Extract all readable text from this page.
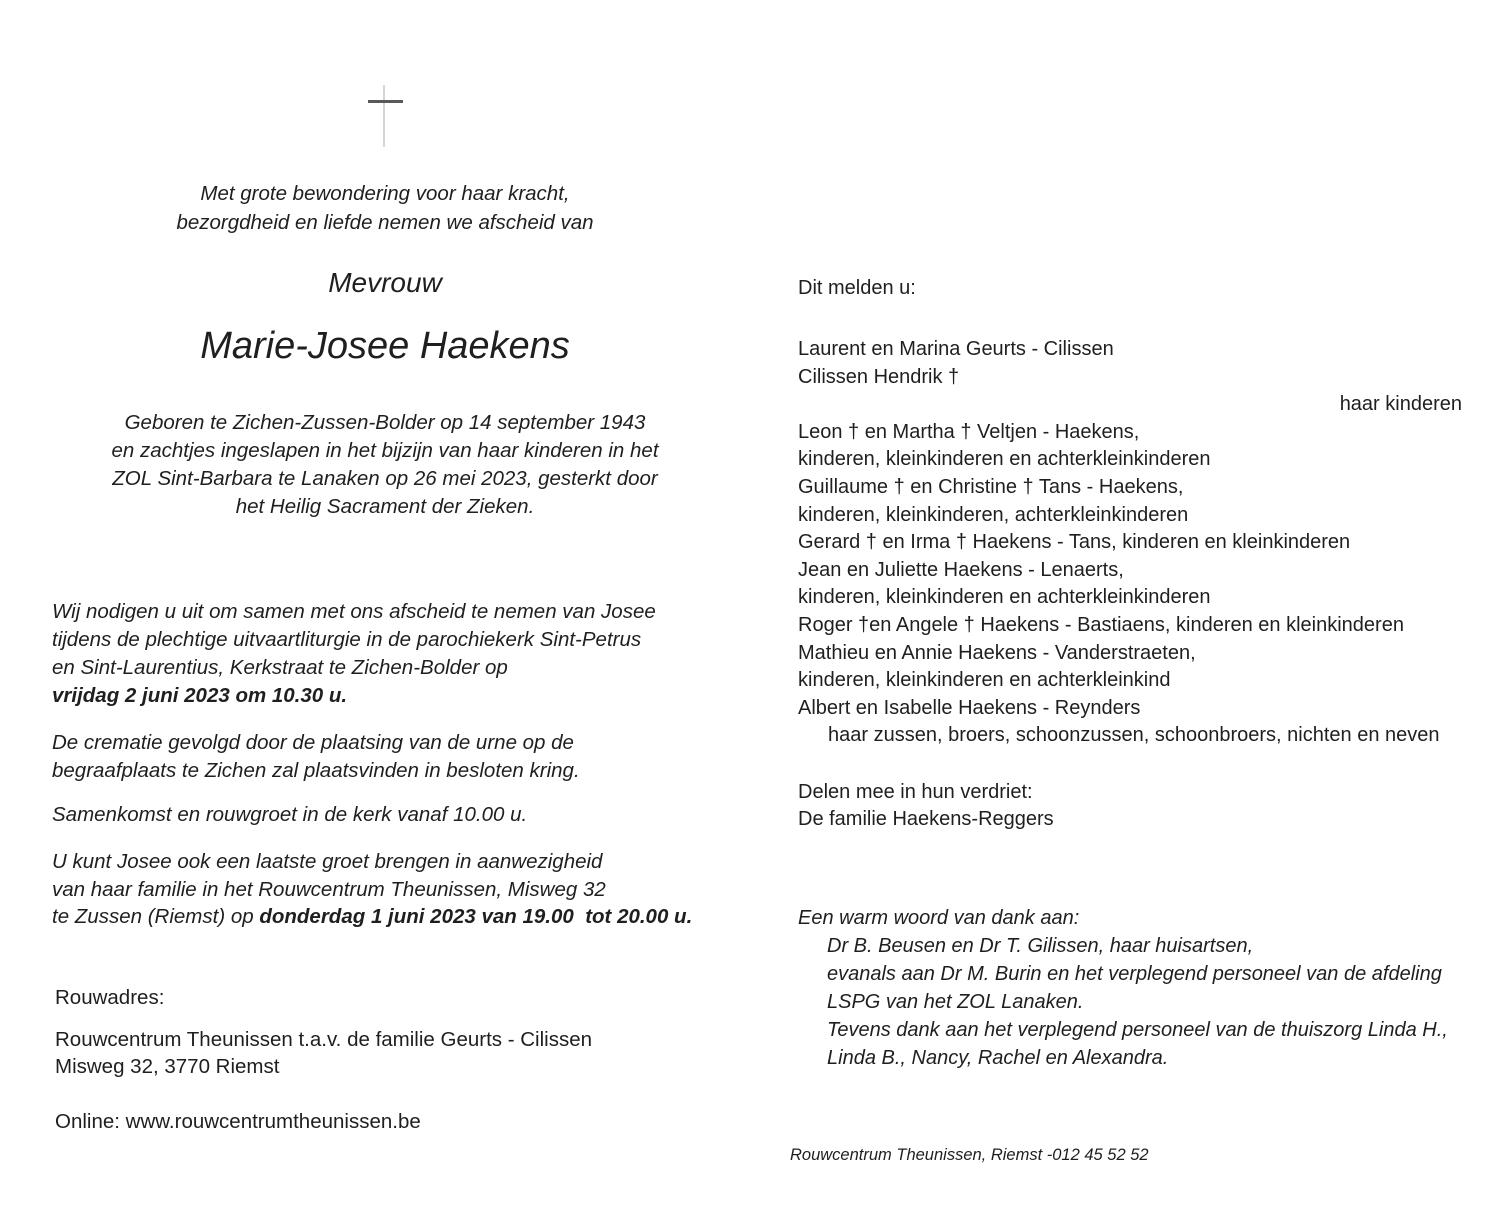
Met grote bewondering voor haar kracht,
bezorgdheid en liefde nemen we afscheid van
Mevrouw
Marie-Josee Haekens
Geboren te Zichen-Zussen-Bolder op 14 september 1943
en zachtjes ingeslapen in het bijzijn van haar kinderen in het
ZOL Sint-Barbara te Lanaken op 26 mei 2023, gesterkt door
het Heilig Sacrament der Zieken.
Wij nodigen u uit om samen met ons afscheid te nemen van Josee
tijdens de plechtige uitvaartliturgie in de parochiekerk Sint-Petrus
en Sint-Laurentius, Kerkstraat te Zichen-Bolder op
vrijdag 2 juni 2023 om 10.30 u.
De crematie gevolgd door de plaatsing van de urne op de
begraafplaats te Zichen zal plaatsvinden in besloten kring.
Samenkomst en rouwgroet in de kerk vanaf 10.00 u.
U kunt Josee ook een laatste groet brengen in aanwezigheid
van haar familie in het Rouwcentrum Theunissen, Misweg 32
te Zussen (Riemst) op donderdag 1 juni 2023 van 19.00  tot 20.00 u.
Rouwadres:
Rouwcentrum Theunissen t.a.v. de familie Geurts - Cilissen
Misweg 32, 3770 Riemst
Online: www.rouwcentrumtheunissen.be
Dit melden u:
Laurent en Marina Geurts - Cilissen
Cilissen Hendrik †
haar kinderen
Leon † en Martha † Veltjen - Haekens,
kinderen, kleinkinderen en achterkleinkinderen
Guillaume † en Christine † Tans - Haekens,
kinderen, kleinkinderen, achterkleinkinderen
Gerard † en Irma † Haekens - Tans, kinderen en kleinkinderen
Jean en Juliette Haekens - Lenaerts,
kinderen, kleinkinderen en achterkleinkinderen
Roger †en Angele † Haekens - Bastiaens, kinderen en kleinkinderen
Mathieu en Annie Haekens - Vanderstraeten,
kinderen, kleinkinderen en achterkleinkind
Albert en Isabelle Haekens - Reynders
haar zussen, broers, schoonzussen, schoonbroers, nichten en neven
Delen mee in hun verdriet:
De familie Haekens-Reggers
Een warm woord van dank aan:
Dr B. Beusen en Dr T. Gilissen, haar huisartsen,
evanals aan Dr M. Burin en het verplegend personeel van de afdeling
LSPG van het ZOL Lanaken.
Tevens dank aan het verplegend personeel van de thuiszorg Linda H.,
Linda B., Nancy, Rachel en Alexandra.
Rouwcentrum Theunissen, Riemst -012 45 52 52
